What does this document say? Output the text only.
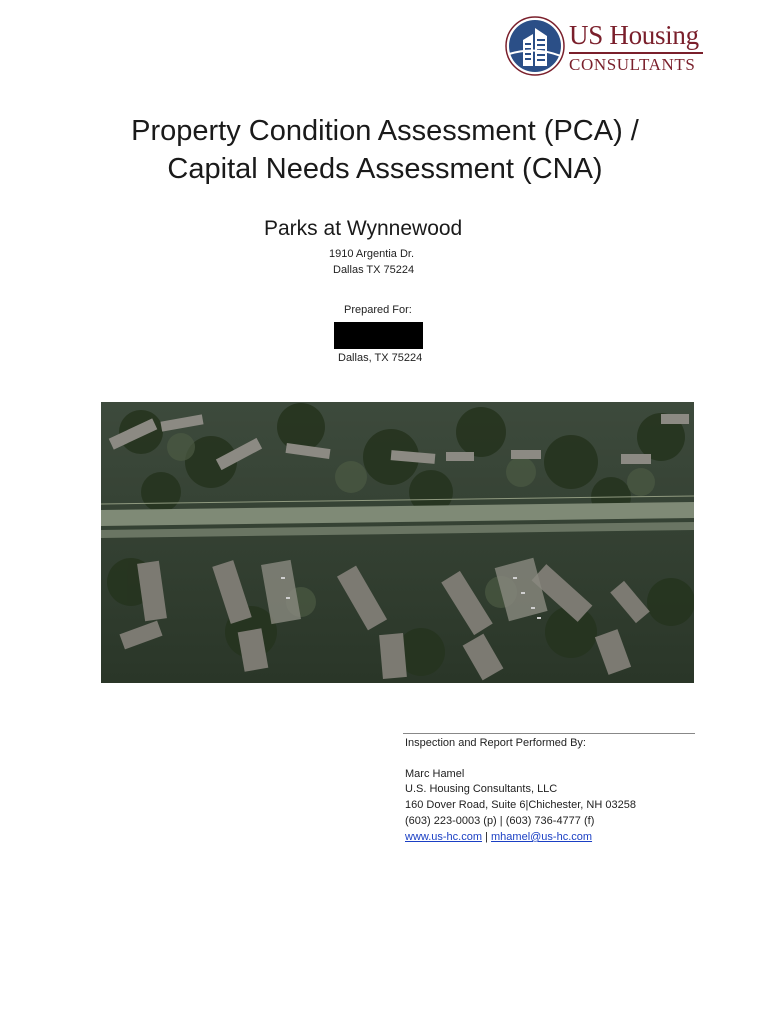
US Housing
CONSULTANTS
Property Condition Assessment (PCA) /
Capital Needs Assessment (CNA)
Parks at Wynnewood
1910 Argentia Dr.
Dallas TX 75224
Prepared For:
Dallas, TX 75224
Inspection and Report Performed By:
Marc Hamel
U.S. Housing Consultants, LLC
160 Dover Road, Suite 6|Chichester, NH 03258
(603) 223-0003 (p) | (603) 736-4777 (f)
www.us-hc.com | mhamel@us-hc.com
